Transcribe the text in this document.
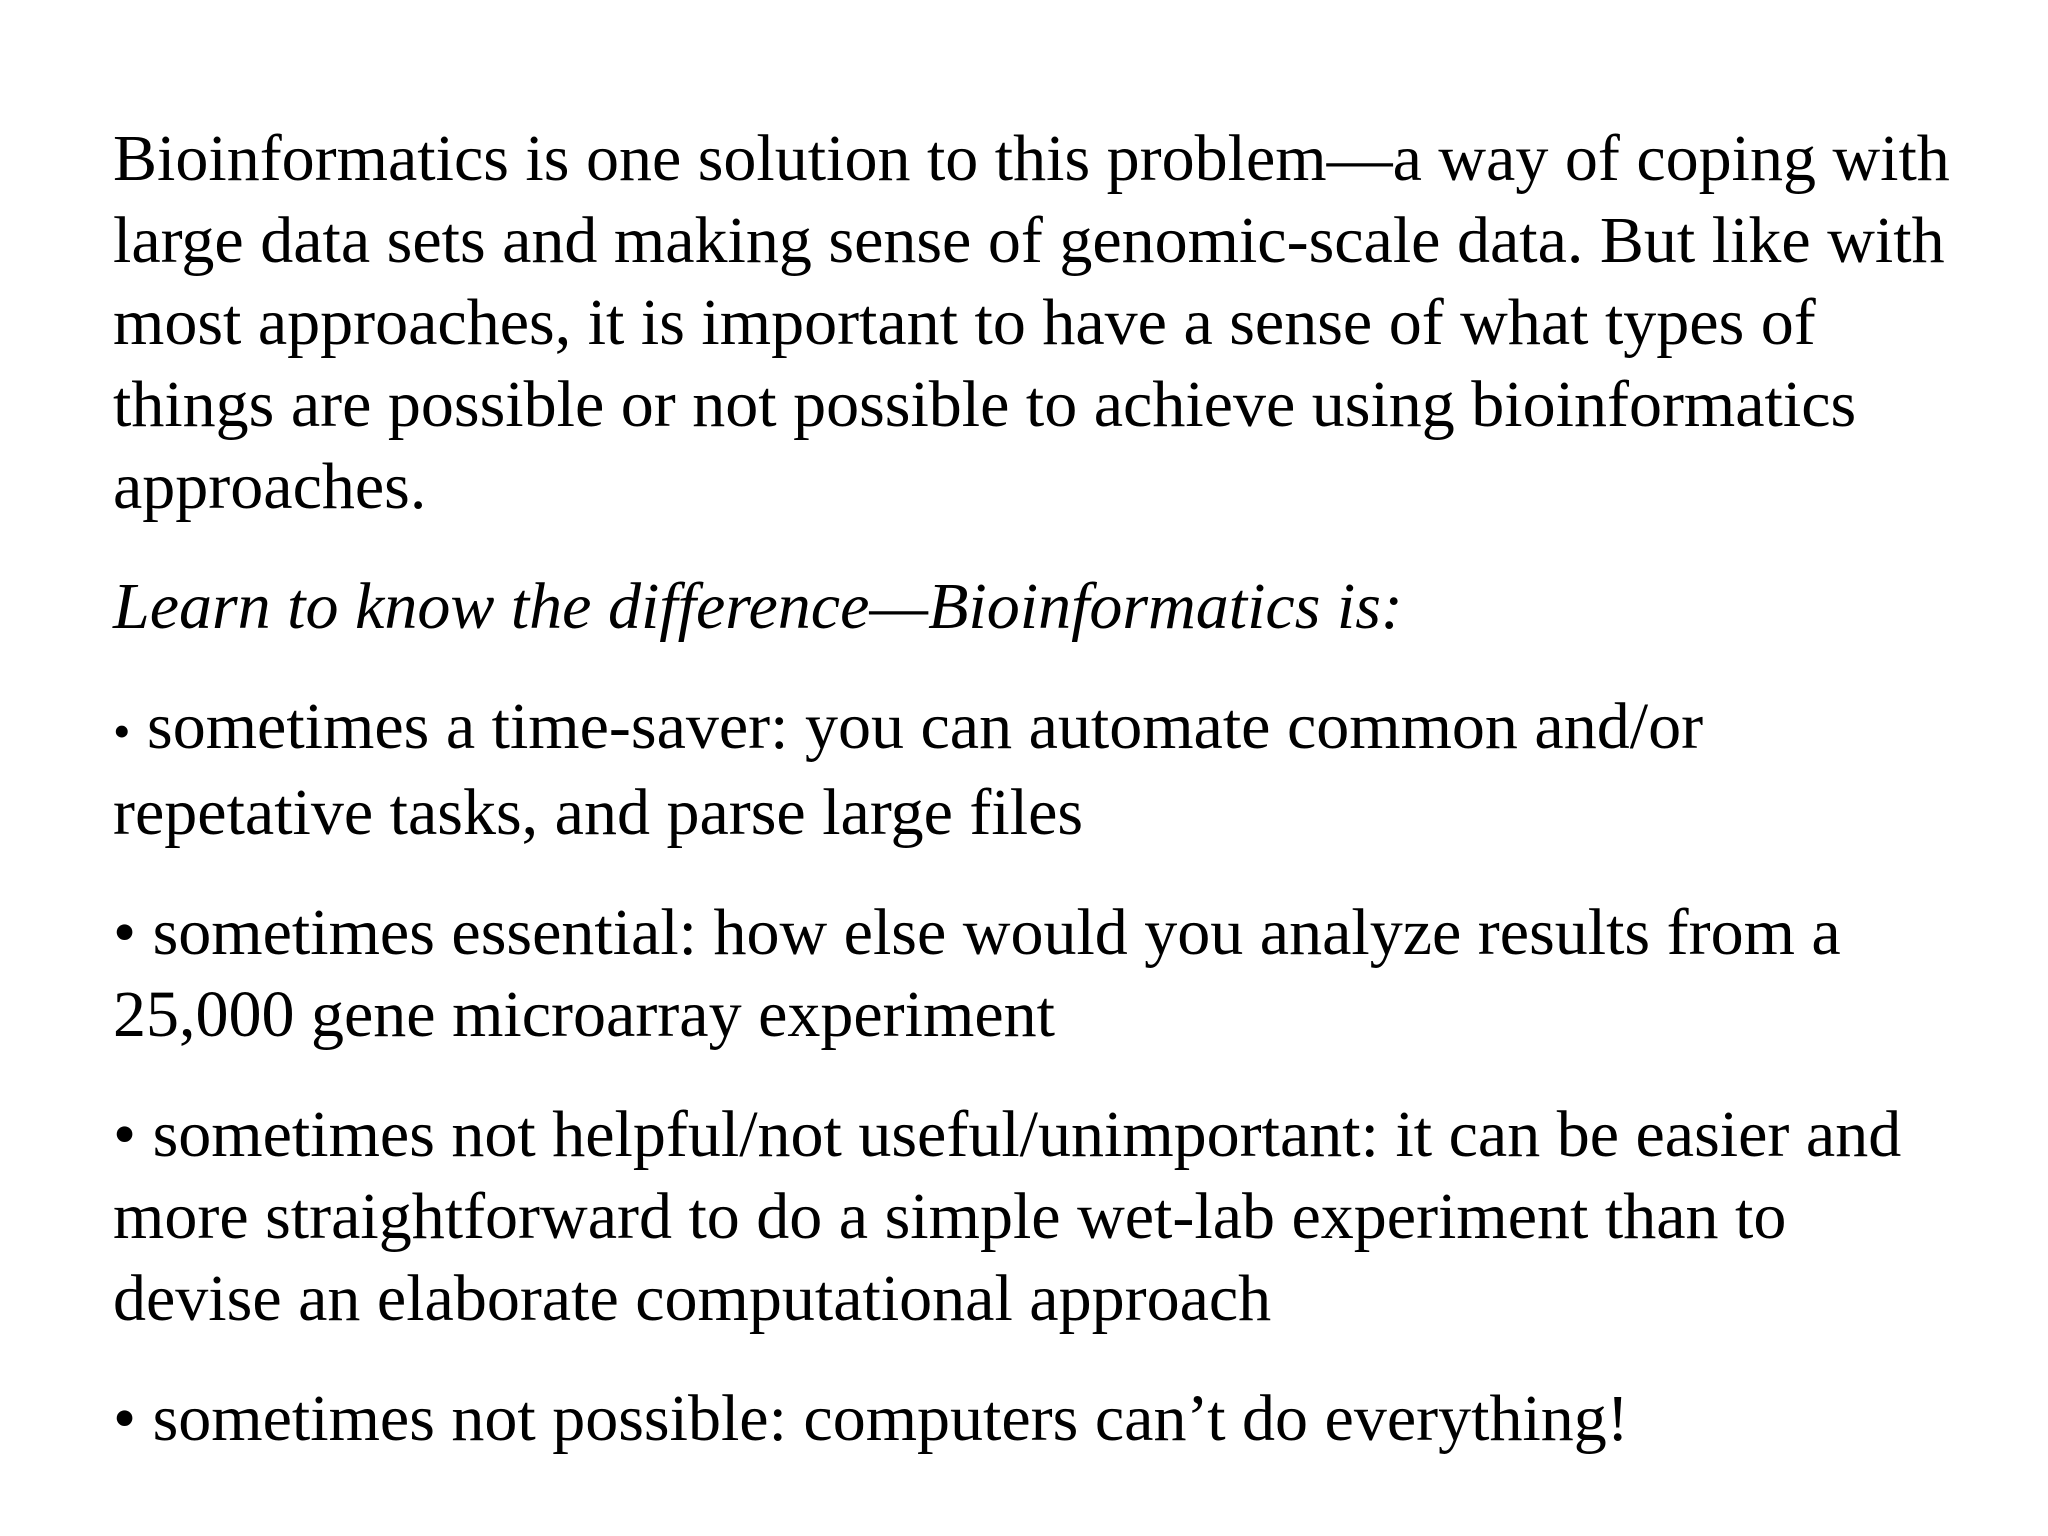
Bioinformatics is one solution to this problem—a way of coping with large data sets and making sense of genomic-scale data. But like with most approaches, it is important to have a sense of what types of things are possible or not possible to achieve using bioinformatics approaches.

Learn to know the difference—Bioinformatics is:

• sometimes a time-saver: you can automate common and/or repetative tasks, and parse large files

• sometimes essential: how else would you analyze results from a 25,000 gene microarray experiment

• sometimes not helpful/not useful/unimportant: it can be easier and more straightforward to do a simple wet-lab experiment than to devise an elaborate computational approach

• sometimes not possible: computers can’t do everything!
